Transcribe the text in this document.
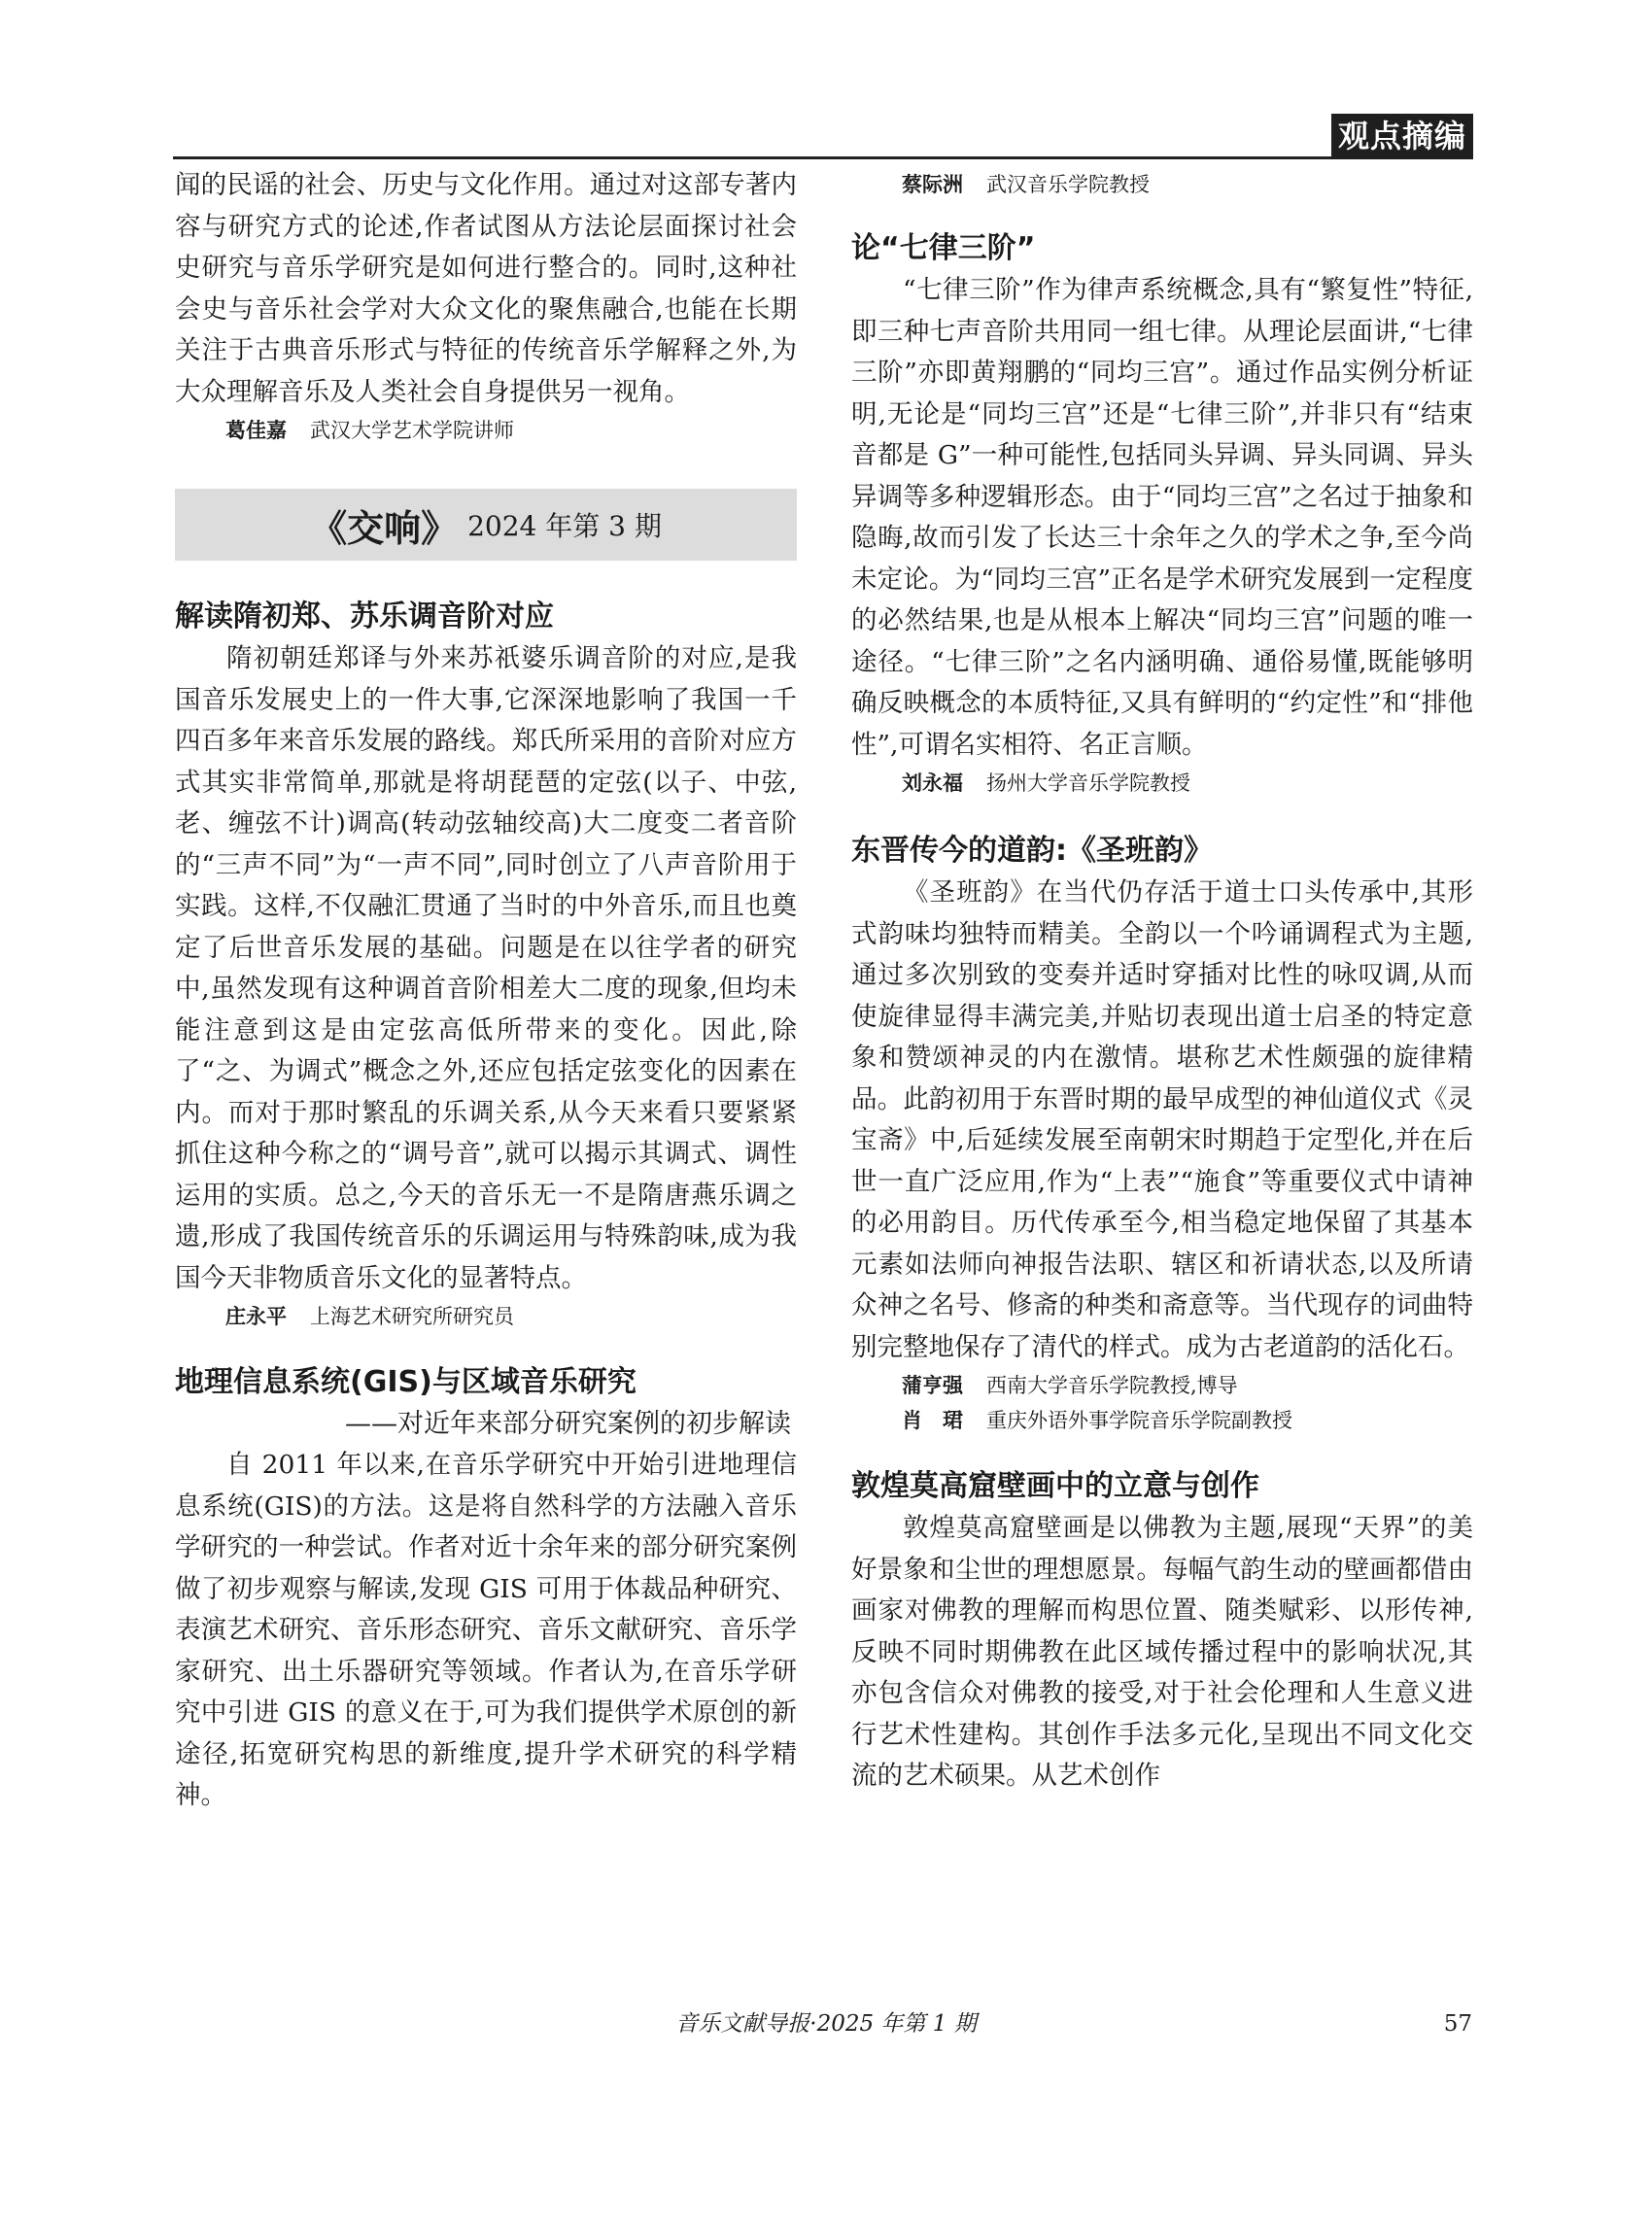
观点摘编

闻的民谣的社会、历史与文化作用。通过对这部专著内容与研究方式的论述,作者试图从方法论层面探讨社会史研究与音乐学研究是如何进行整合的。同时,这种社会史与音乐社会学对大众文化的聚焦融合,也能在长期关注于古典音乐形式与特征的传统音乐学解释之外,为大众理解音乐及人类社会自身提供另一视角。

葛佳嘉 武汉大学艺术学院讲师

《交响》 2024 年第 3 期
解读隋初郑、苏乐调音阶对应

隋初朝廷郑译与外来苏祇婆乐调音阶的对应,是我国音乐发展史上的一件大事,它深深地影响了我国一千四百多年来音乐发展的路线。郑氏所采用的音阶对应方式其实非常简单,那就是将胡琵琶的定弦(以子、中弦,老、缠弦不计)调高(转动弦轴绞高)大二度变二者音阶的“三声不同”为“一声不同”,同时创立了八声音阶用于实践。这样,不仅融汇贯通了当时的中外音乐,而且也奠定了后世音乐发展的基础。问题是在以往学者的研究中,虽然发现有这种调首音阶相差大二度的现象,但均未能注意到这是由定弦高低所带来的变化。因此,除了“之、为调式”概念之外,还应包括定弦变化的因素在内。而对于那时繁乱的乐调关系,从今天来看只要紧紧抓住这种今称之的“调号音”,就可以揭示其调式、调性运用的实质。总之,今天的音乐无一不是隋唐燕乐调之遗,形成了我国传统音乐的乐调运用与特殊韵味,成为我国今天非物质音乐文化的显著特点。

庄永平 上海艺术研究所研究员

地理信息系统(GIS)与区域音乐研究

——对近年来部分研究案例的初步解读

自 2011 年以来,在音乐学研究中开始引进地理信息系统(GIS)的方法。这是将自然科学的方法融入音乐学研究的一种尝试。作者对近十余年来的部分研究案例做了初步观察与解读,发现 GIS 可用于体裁品种研究、表演艺术研究、音乐形态研究、音乐文献研究、音乐学家研究、出土乐器研究等领域。作者认为,在音乐学研究中引进 GIS 的意义在于,可为我们提供学术原创的新途径,拓宽研究构思的新维度,提升学术研究的科学精神。

蔡际洲 武汉音乐学院教授

论“七律三阶”

“七律三阶”作为律声系统概念,具有“繁复性”特征,即三种七声音阶共用同一组七律。从理论层面讲,“七律三阶”亦即黄翔鹏的“同均三宫”。通过作品实例分析证明,无论是“同均三宫”还是“七律三阶”,并非只有“结束音都是 G”一种可能性,包括同头异调、异头同调、异头异调等多种逻辑形态。由于“同均三宫”之名过于抽象和隐晦,故而引发了长达三十余年之久的学术之争,至今尚未定论。为“同均三宫”正名是学术研究发展到一定程度的必然结果,也是从根本上解决“同均三宫”问题的唯一途径。“七律三阶”之名内涵明确、通俗易懂,既能够明确反映概念的本质特征,又具有鲜明的“约定性”和“排他性”,可谓名实相符、名正言顺。

刘永福 扬州大学音乐学院教授

东晋传今的道韵:《圣班韵》

《圣班韵》在当代仍存活于道士口头传承中,其形式韵味均独特而精美。全韵以一个吟诵调程式为主题,通过多次别致的变奏并适时穿插对比性的咏叹调,从而使旋律显得丰满完美,并贴切表现出道士启圣的特定意象和赞颂神灵的内在激情。堪称艺术性颇强的旋律精品。此韵初用于东晋时期的最早成型的神仙道仪式《灵宝斋》中,后延续发展至南朝宋时期趋于定型化,并在后世一直广泛应用,作为“上表”“施食”等重要仪式中请神的必用韵目。历代传承至今,相当稳定地保留了其基本元素如法师向神报告法职、辖区和祈请状态,以及所请众神之名号、修斋的种类和斋意等。当代现存的词曲特别完整地保存了清代的样式。成为古老道韵的活化石。

蒲亨强 西南大学音乐学院教授,博导

肖　珺 重庆外语外事学院音乐学院副教授

敦煌莫高窟壁画中的立意与创作

敦煌莫高窟壁画是以佛教为主题,展现“天界”的美好景象和尘世的理想愿景。每幅气韵生动的壁画都借由画家对佛教的理解而构思位置、随类赋彩、以形传神,反映不同时期佛教在此区域传播过程中的影响状况,其亦包含信众对佛教的接受,对于社会伦理和人生意义进行艺术性建构。其创作手法多元化,呈现出不同文化交流的艺术硕果。从艺术创作

音乐文献导报·2025 年第 1 期	57
